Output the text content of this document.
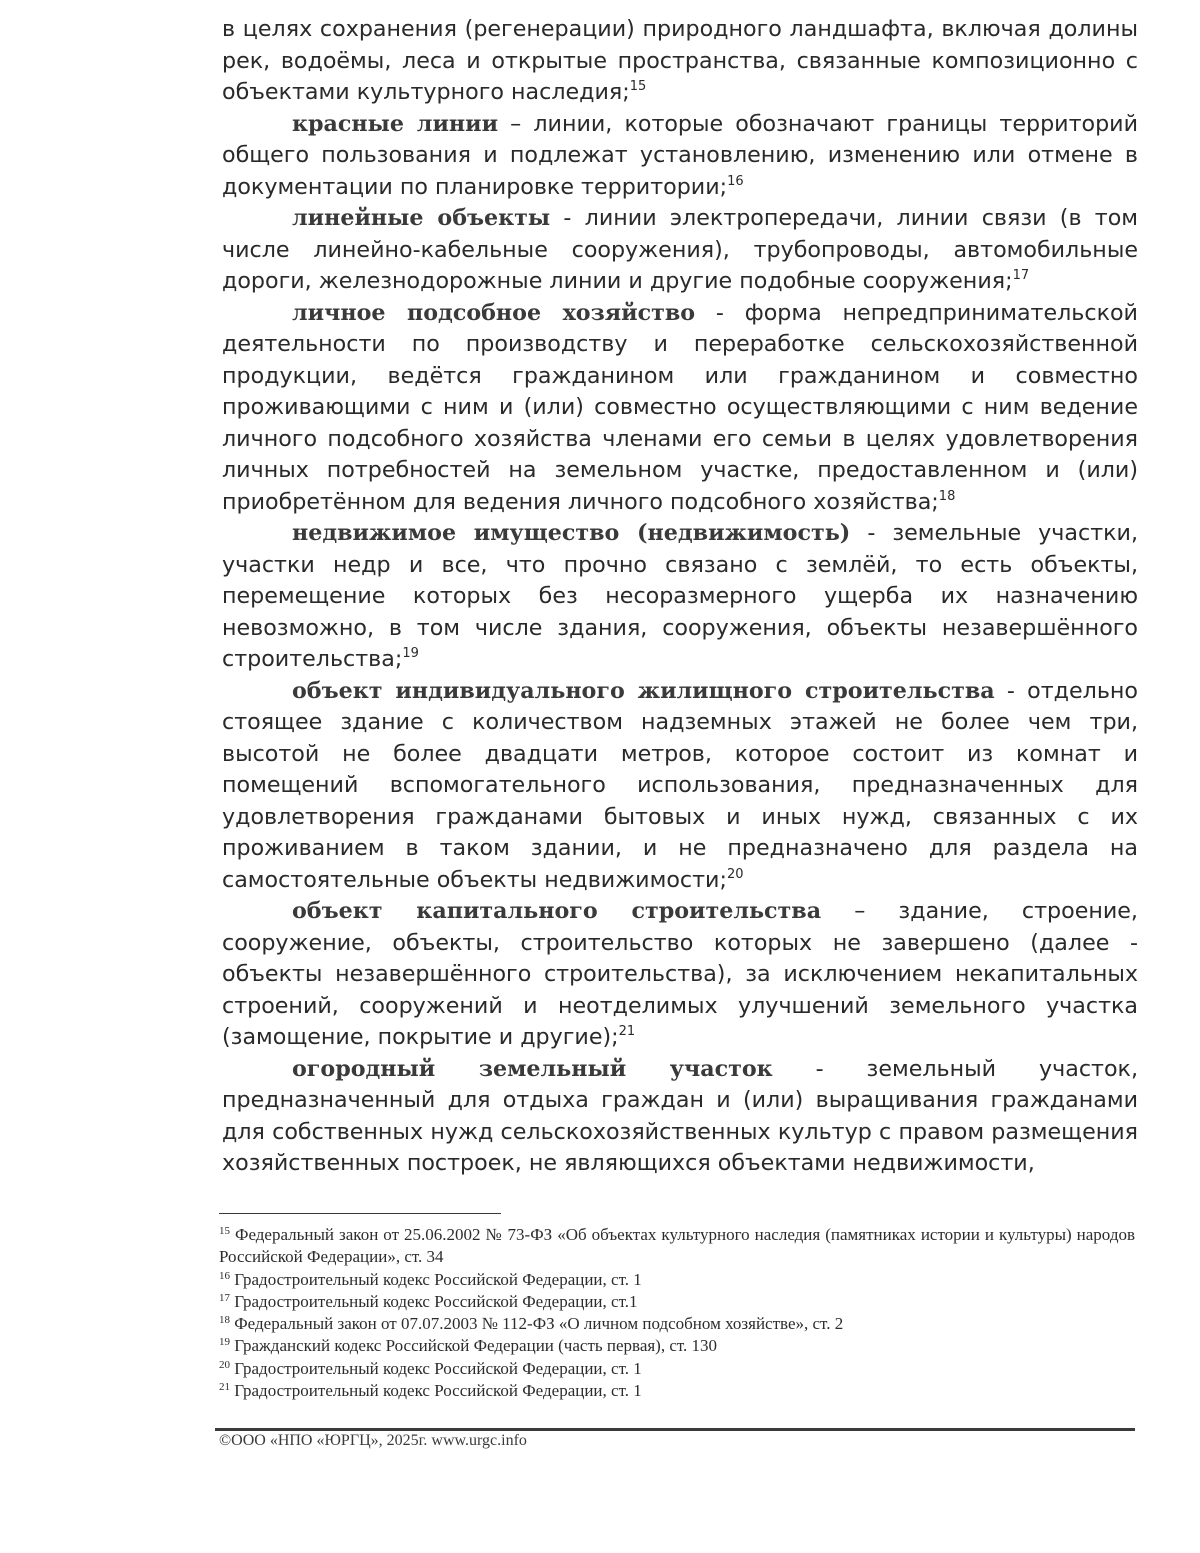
в целях сохранения (регенерации) природного ландшафта, включая долины рек, водоёмы, леса и открытые пространства, связанные композиционно с объектами культурного наследия;$^{15}$

красные линии – линии, которые обозначают границы территорий общего пользования и подлежат установлению, изменению или отмене в документации по планировке территории;$^{16}$

линейные объекты - линии электропередачи, линии связи (в том числе линейно-кабельные сооружения), трубопроводы, автомобильные дороги, железнодорожные линии и другие подобные сооружения;$^{17}$

личное подсобное хозяйство - форма непредпринимательской деятельности по производству и переработке сельскохозяйственной продукции, ведётся гражданином или гражданином и совместно проживающими с ним и (или) совместно осуществляющими с ним ведение личного подсобного хозяйства членами его семьи в целях удовлетворения личных потребностей на земельном участке, предоставленном и (или) приобретённом для ведения личного подсобного хозяйства;$^{18}$

недвижимое имущество (недвижимость) - земельные участки, участки недр и все, что прочно связано с землёй, то есть объекты, перемещение которых без несоразмерного ущерба их назначению невозможно, в том числе здания, сооружения, объекты незавершённого строительства;$^{19}$

объект индивидуального жилищного строительства - отдельно стоящее здание с количеством надземных этажей не более чем три, высотой не более двадцати метров, которое состоит из комнат и помещений вспомогательного использования, предназначенных для удовлетворения гражданами бытовых и иных нужд, связанных с их проживанием в таком здании, и не предназначено для раздела на самостоятельные объекты недвижимости;$^{20}$

объект капитального строительства – здание, строение, сооружение, объекты, строительство которых не завершено (далее - объекты незавершённого строительства), за исключением некапитальных строений, сооружений и неотделимых улучшений земельного участка (замощение, покрытие и другие);$^{21}$

огородный земельный участок - земельный участок, предназначенный для отдыха граждан и (или) выращивания гражданами для собственных нужд сельскохозяйственных культур с правом размещения хозяйственных построек, не являющихся объектами недвижимости,

$^{15}$ Федеральный закон от 25.06.2002 № 73-ФЗ «Об объектах культурного наследия (памятниках истории и культуры) народов Российской Федерации», ст. 34

$^{16}$ Градостроительный кодекс Российской Федерации, ст. 1

$^{17}$ Градостроительный кодекс Российской Федерации, ст.1

$^{18}$ Федеральный закон от 07.07.2003 № 112-ФЗ «О личном подсобном хозяйстве», ст. 2

$^{19}$ Гражданский кодекс Российской Федерации (часть первая), ст. 130

$^{20}$ Градостроительный кодекс Российской Федерации, ст. 1

$^{21}$ Градостроительный кодекс Российской Федерации, ст. 1

©ООО «НПО «ЮРГЦ», 2025г. www.urgc.info
